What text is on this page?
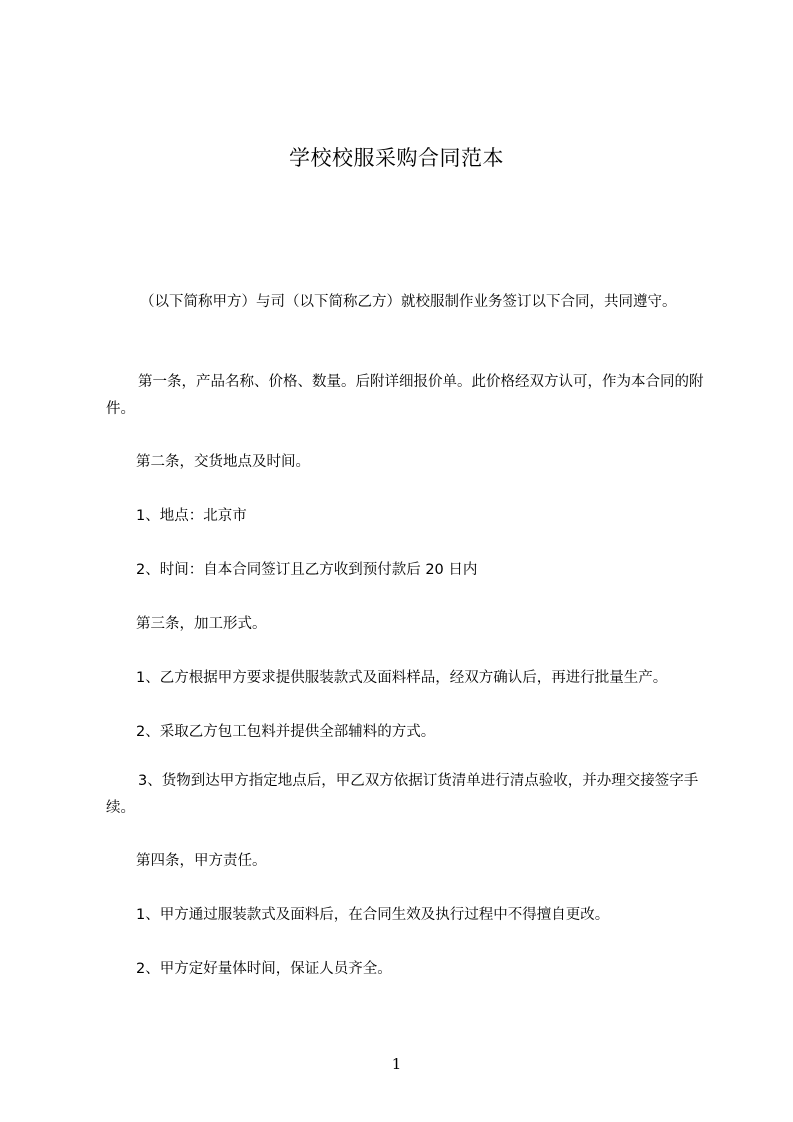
学校校服采购合同范本
（以下简称甲方）与司（以下简称乙方）就校服制作业务签订以下合同，共同遵守。
第一条，产品名称、价格、数量。后附详细报价单。此价格经双方认可，作为本合同的附件。
第二条，交货地点及时间。
1、地点：北京市
2、时间：自本合同签订且乙方收到预付款后 20 日内
第三条，加工形式。
1、乙方根据甲方要求提供服装款式及面料样品，经双方确认后，再进行批量生产。
2、采取乙方包工包料并提供全部辅料的方式。
3、货物到达甲方指定地点后，甲乙双方依据订货清单进行清点验收，并办理交接签字手续。
第四条，甲方责任。
1、甲方通过服装款式及面料后，在合同生效及执行过程中不得擅自更改。
2、甲方定好量体时间，保证人员齐全。
1
